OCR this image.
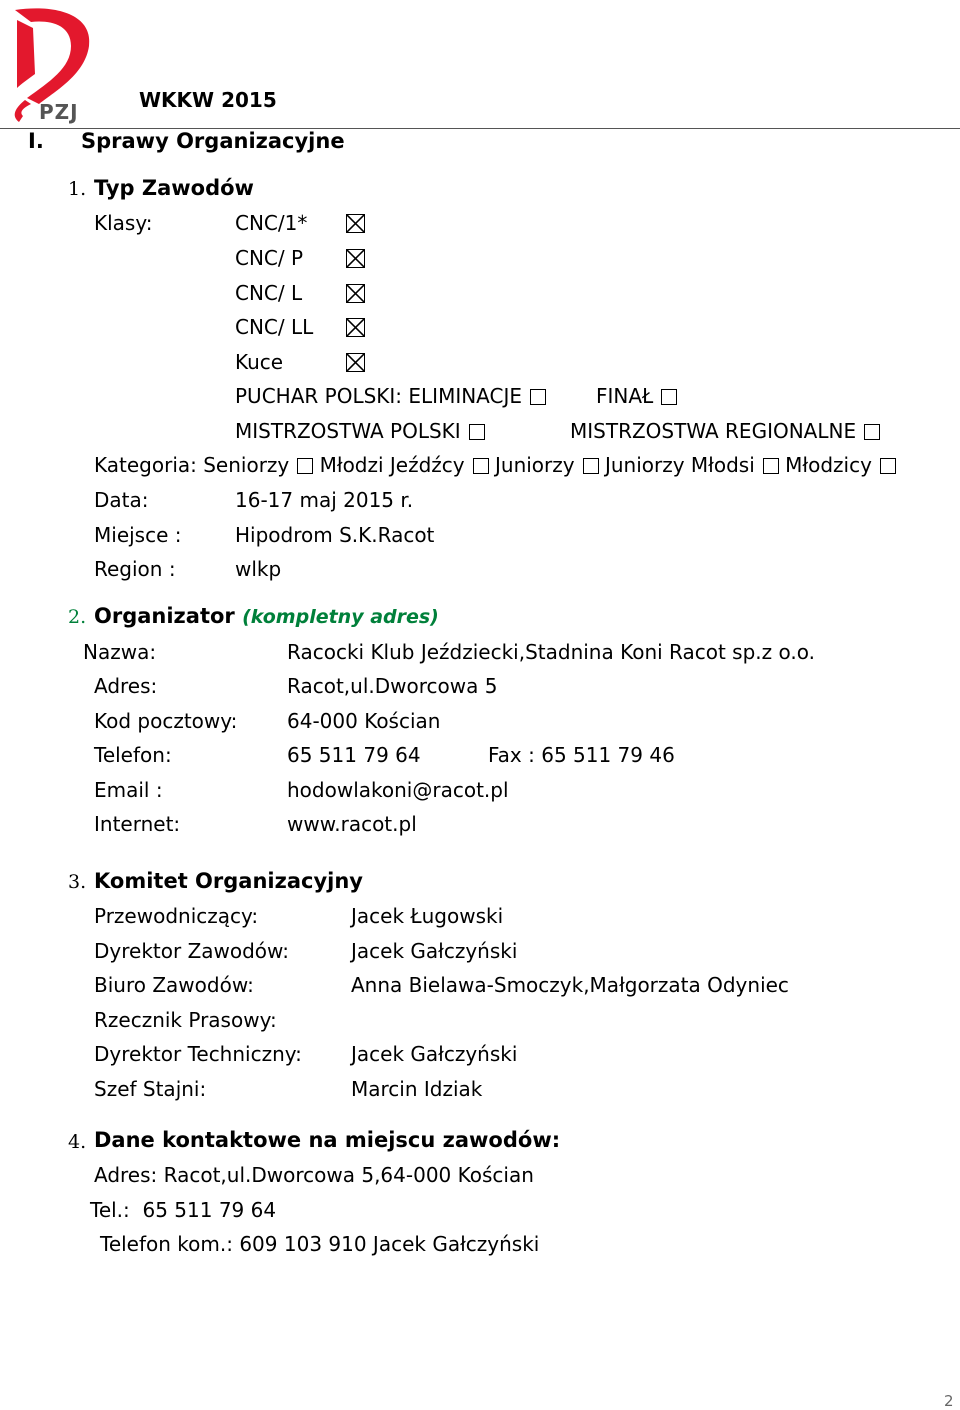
PZJ	WKKW 2015
I. Sprawy Organizacyjne
1. Typ Zawodów
Klasy:	CNC/1*
CNC/ P
CNC/ L
CNC/ LL
Kuce
PUCHAR POLSKI: ELIMINACJE	FINAŁ
MISTRZOSTWA POLSKI	MISTRZOSTWA REGIONALNE
Kategoria: Seniorzy Młodzi Jeźdźcy Juniorzy Juniorzy Młodsi Młodzicy
Data:	16-17 maj 2015 r.
Miejsce :	Hipodrom S.K.Racot
Region :	wlkp
2. Organizator (kompletny adres)
Nazwa:	Racocki Klub Jeździecki,Stadnina Koni Racot sp.z o.o.
Adres:	Racot,ul.Dworcowa 5
Kod pocztowy: 64-000 Kościan
Telefon:	65 511 79 64	Fax : 65 511 79 46
Email :	hodowlakoni@racot.pl
Internet:	www.racot.pl
3. Komitet Organizacyjny
Przewodniczący:	Jacek Ługowski
Dyrektor Zawodów:	Jacek Gałczyński
Biuro Zawodów:	Anna Bielawa-Smoczyk,Małgorzata Odyniec
Rzecznik Prasowy:
Dyrektor Techniczny: Jacek Gałczyński
Szef Stajni:	Marcin Idziak
4. Dane kontaktowe na miejscu zawodów:
Adres: Racot,ul.Dworcowa 5,64-000 Kościan
Tel.:  65 511 79 64
Telefon kom.: 609 103 910 Jacek Gałczyński
2
